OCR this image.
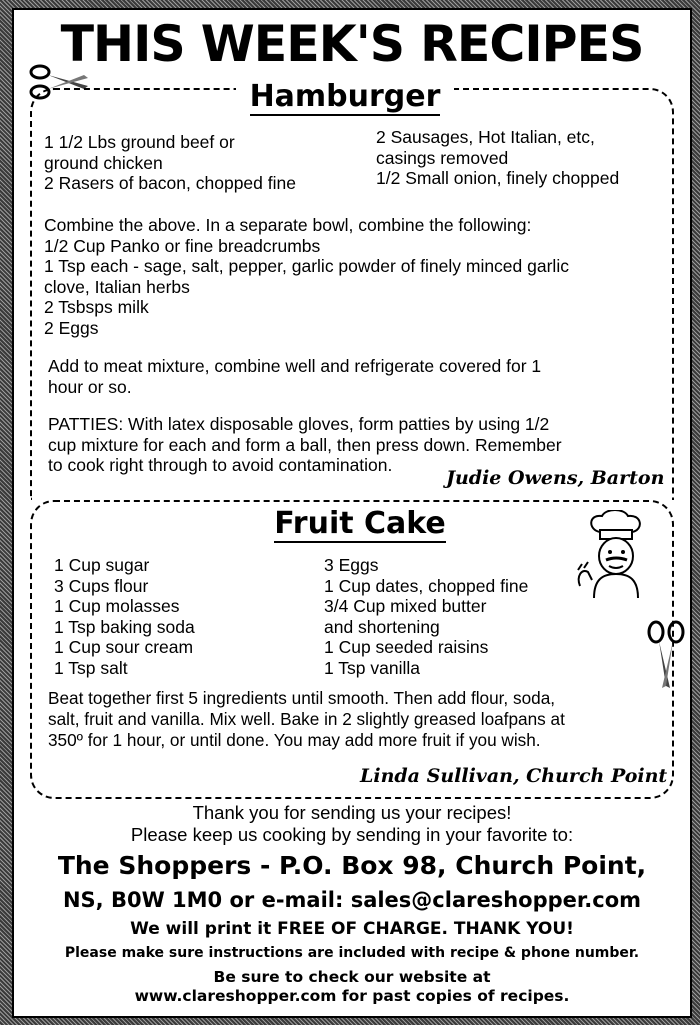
THIS WEEK'S RECIPES
Hamburger
1 1/2 Lbs ground beef or
ground chicken
2 Rasers of bacon, chopped fine
2 Sausages, Hot Italian, etc,
casings removed
1/2 Small onion, finely chopped
Combine the above. In a separate bowl, combine the following:
1/2 Cup Panko or fine breadcrumbs
1 Tsp each - sage, salt, pepper, garlic powder of finely minced garlic
clove, Italian herbs
2 Tsbsps milk
2 Eggs
Add to meat mixture, combine well and refrigerate covered for 1
hour or so.
PATTIES: With latex disposable gloves, form patties by using 1/2
cup mixture for each and form a ball, then press down. Remember
to cook right through to avoid contamination.
Judie Owens, Barton
Fruit Cake
1 Cup sugar
3 Cups flour
1 Cup molasses
1 Tsp baking soda
1 Cup sour cream
1 Tsp salt
3 Eggs
1 Cup dates, chopped fine
3/4 Cup mixed butter
and shortening
1 Cup seeded raisins
1 Tsp vanilla
Beat together first 5 ingredients until smooth. Then add flour, soda,
salt, fruit and vanilla. Mix well. Bake in 2 slightly greased loafpans at
350º for 1 hour, or until done. You may add more fruit if you wish.
Linda Sullivan, Church Point
Thank you for sending us your recipes!
Please keep us cooking by sending in your favorite to:
The Shoppers - P.O. Box 98, Church Point,
NS, B0W 1M0 or e-mail: sales@clareshopper.com
We will print it FREE OF CHARGE. THANK YOU!
Please make sure instructions are included with recipe & phone number.
Be sure to check our website at
www.clareshopper.com for past copies of recipes.
